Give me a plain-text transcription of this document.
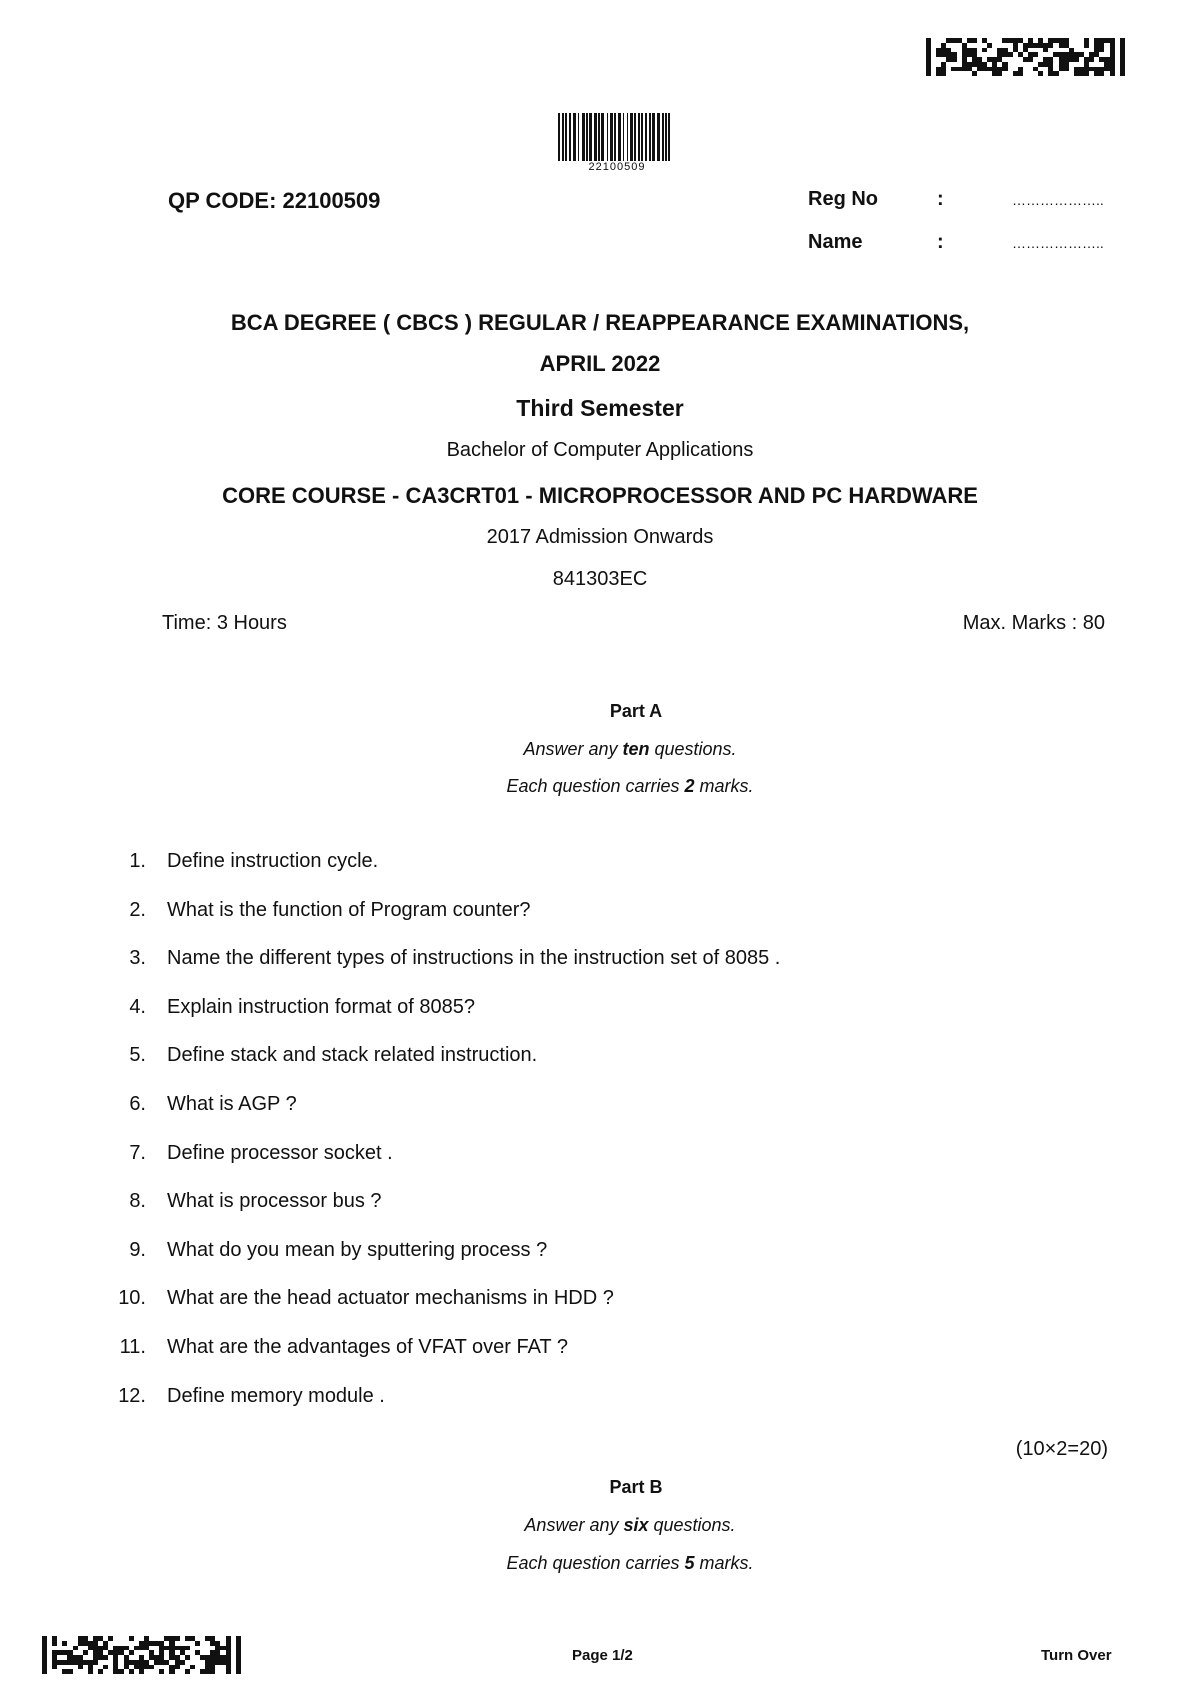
22100509
QP CODE: 22100509	Reg No	:	………………..
Name	:	………………..
BCA DEGREE ( CBCS ) REGULAR / REAPPEARANCE EXAMINATIONS,
APRIL 2022
Third Semester
Bachelor of Computer Applications
CORE COURSE - CA3CRT01 - MICROPROCESSOR AND PC HARDWARE
2017 Admission Onwards
841303EC
Time: 3 Hours	Max. Marks : 80
Part A
Answer any ten questions.
Each question carries 2 marks.
1. Define instruction cycle.
2. What is the function of Program counter?
3. Name the different types of instructions in the instruction set of 8085 .
4. Explain instruction format of 8085?
5. Define stack and stack related instruction.
6. What is AGP ?
7. Define processor socket .
8. What is processor bus ?
9. What do you mean by sputtering process ?
10. What are the head actuator mechanisms in HDD ?
11. What are the advantages of VFAT over FAT ?
12. Define memory module .
(10×2=20)
Part B
Answer any six questions.
Each question carries 5 marks.
Page 1/2	Turn Over
